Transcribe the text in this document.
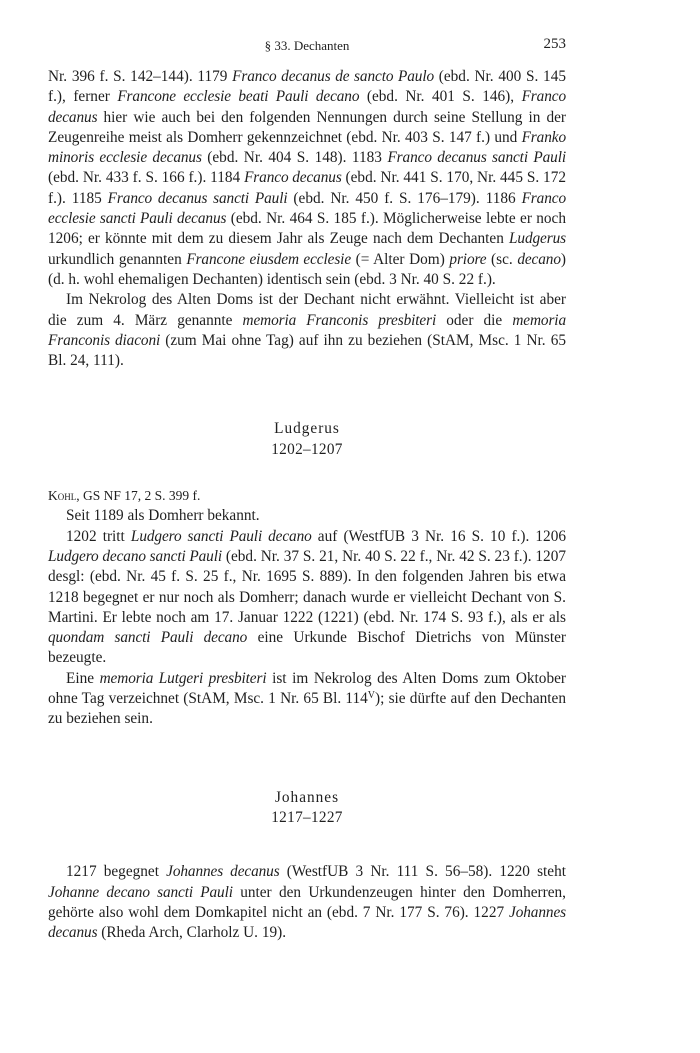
§ 33. Dechanten	253

Nr. 396 f. S. 142–144). 1179 Franco decanus de sancto Paulo (ebd. Nr. 400 S. 145 f.), ferner Francone ecclesie beati Pauli decano (ebd. Nr. 401 S. 146), Franco decanus hier wie auch bei den folgenden Nennungen durch seine Stellung in der Zeugenreihe meist als Domherr gekennzeichnet (ebd. Nr. 403 S. 147 f.) und Franko minoris ecclesie decanus (ebd. Nr. 404 S. 148). 1183 Franco decanus sancti Pauli (ebd. Nr. 433 f. S. 166 f.). 1184 Franco decanus (ebd. Nr. 441 S. 170, Nr. 445 S. 172 f.). 1185 Franco decanus sancti Pauli (ebd. Nr. 450 f. S. 176–179). 1186 Franco ecclesie sancti Pauli decanus (ebd. Nr. 464 S. 185 f.). Möglicherweise lebte er noch 1206; er könnte mit dem zu diesem Jahr als Zeuge nach dem Dechanten Ludgerus urkundlich genannten Francone eiusdem ecclesie (= Alter Dom) priore (sc. decano) (d. h. wohl ehemaligen Dechanten) identisch sein (ebd. 3 Nr. 40 S. 22 f.).

Im Nekrolog des Alten Doms ist der Dechant nicht erwähnt. Vielleicht ist aber die zum 4. März genannte memoria Franconis presbiteri oder die memoria Franconis diaconi (zum Mai ohne Tag) auf ihn zu beziehen (StAM, Msc. 1 Nr. 65 Bl. 24, 111).

Ludgerus
1202–1207

Kohl, GS NF 17, 2 S. 399 f.

Seit 1189 als Domherr bekannt.

1202 tritt Ludgero sancti Pauli decano auf (WestfUB 3 Nr. 16 S. 10 f.). 1206 Ludgero decano sancti Pauli (ebd. Nr. 37 S. 21, Nr. 40 S. 22 f., Nr. 42 S. 23 f.). 1207 desgl: (ebd. Nr. 45 f. S. 25 f., Nr. 1695 S. 889). In den folgenden Jahren bis etwa 1218 begegnet er nur noch als Domherr; danach wurde er vielleicht Dechant von S. Martini. Er lebte noch am 17. Januar 1222 (1221) (ebd. Nr. 174 S. 93 f.), als er als quondam sancti Pauli decano eine Urkunde Bischof Dietrichs von Münster bezeugte.

Eine memoria Lutgeri presbiteri ist im Nekrolog des Alten Doms zum Oktober ohne Tag verzeichnet (StAM, Msc. 1 Nr. 65 Bl. $114^V$); sie dürfte auf den Dechanten zu beziehen sein.

Johannes
1217–1227

1217 begegnet Johannes decanus (WestfUB 3 Nr. 111 S. 56–58). 1220 steht Johanne decano sancti Pauli unter den Urkundenzeugen hinter den Domherren, gehörte also wohl dem Domkapitel nicht an (ebd. 7 Nr. 177 S. 76). 1227 Johannes decanus (Rheda Arch, Clarholz U. 19).
